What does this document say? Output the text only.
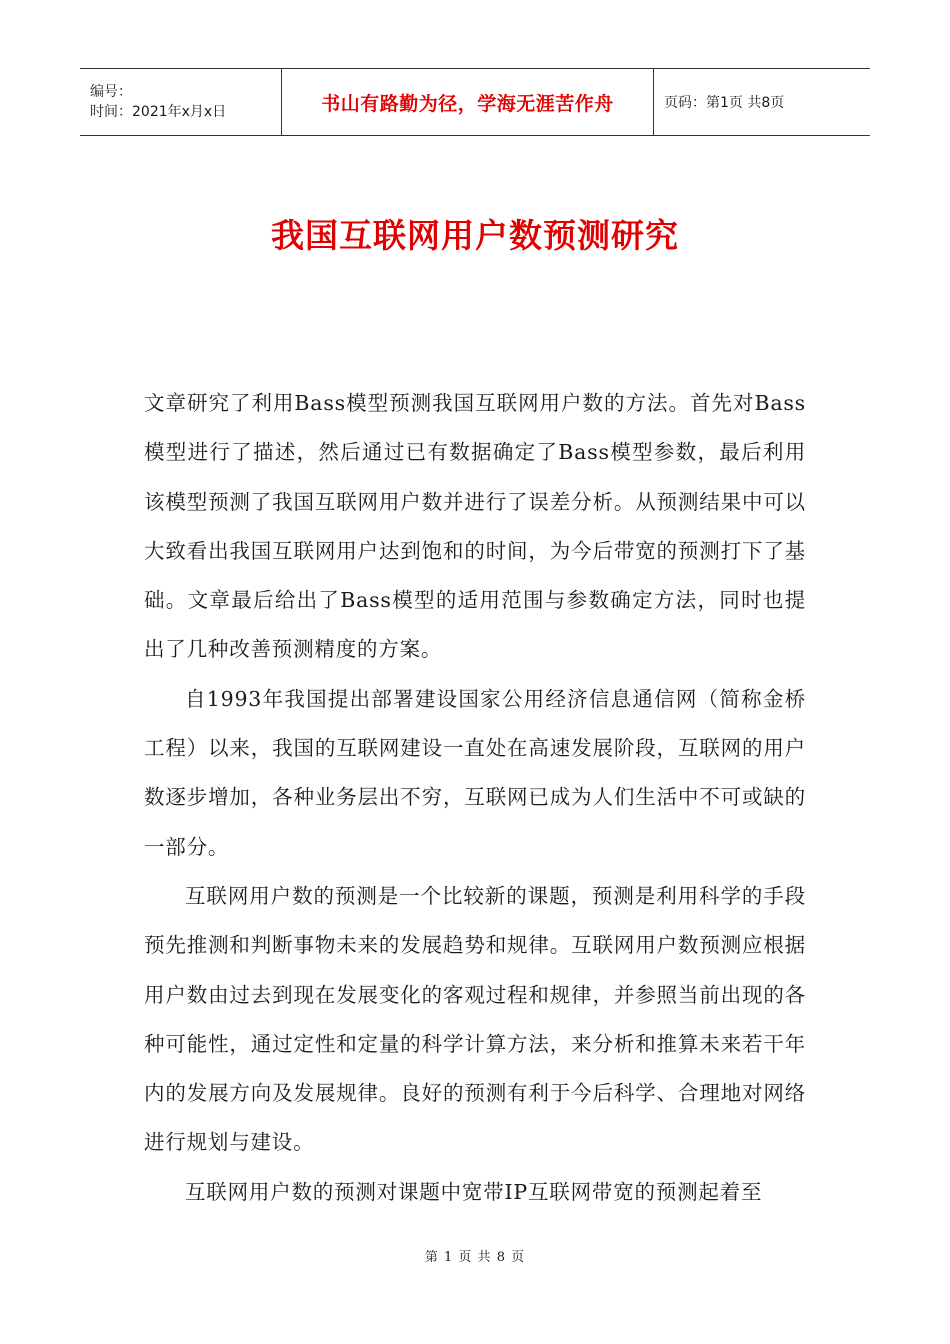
编号：
时间：2021年x月x日	书山有路勤为径，学海无涯苦作舟	页码：第1页 共8页
我国互联网用户数预测研究

文章研究了利用Bass模型预测我国互联网用户数的方法。首先对Bass模型进行了描述，然后通过已有数据确定了Bass模型参数，最后利用该模型预测了我国互联网用户数并进行了误差分析。从预测结果中可以大致看出我国互联网用户达到饱和的时间，为今后带宽的预测打下了基础。文章最后给出了Bass模型的适用范围与参数确定方法，同时也提出了几种改善预测精度的方案。

自1993年我国提出部署建设国家公用经济信息通信网（简称金桥工程）以来，我国的互联网建设一直处在高速发展阶段，互联网的用户数逐步增加，各种业务层出不穷，互联网已成为人们生活中不可或缺的一部分。

互联网用户数的预测是一个比较新的课题，预测是利用科学的手段预先推测和判断事物未来的发展趋势和规律。互联网用户数预测应根据用户数由过去到现在发展变化的客观过程和规律，并参照当前出现的各种可能性，通过定性和定量的科学计算方法，来分析和推算未来若干年内的发展方向及发展规律。良好的预测有利于今后科学、合理地对网络进行规划与建设。

互联网用户数的预测对课题中宽带IP互联网带宽的预测起着至

第 1 页 共 8 页
